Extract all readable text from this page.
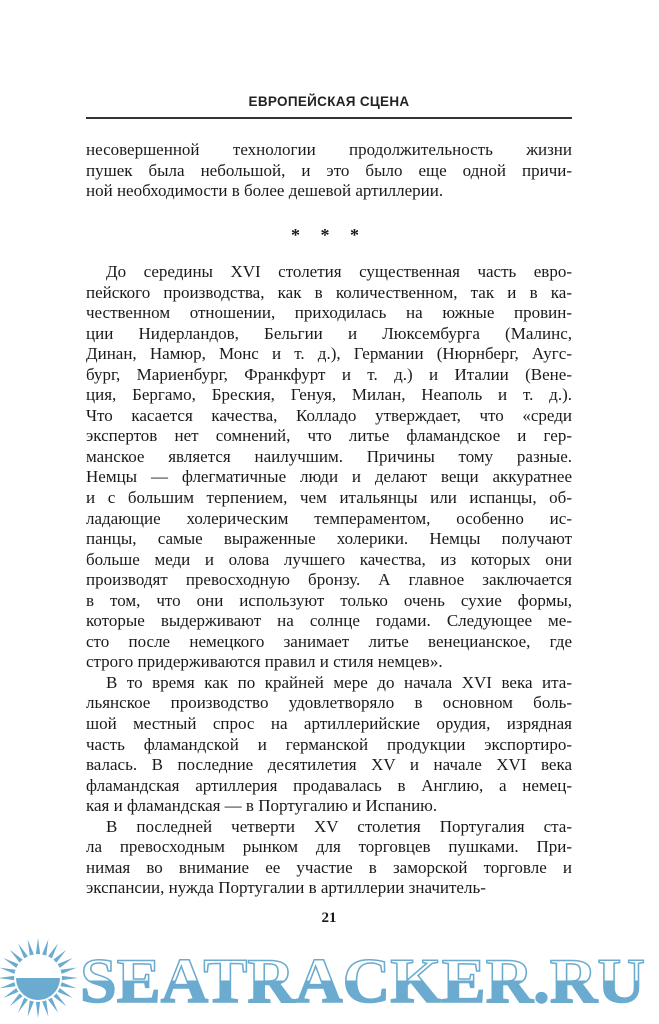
ЕВРОПЕЙСКАЯ СЦЕНА
несовершенной технологии продолжительность жизни
пушек была небольшой, и это было еще одной причи-
ной необходимости в более дешевой артиллерии.
* * *
До середины XVI столетия существенная часть евро-
пейского производства, как в количественном, так и в ка-
чественном отношении, приходилась на южные провин-
ции Нидерландов, Бельгии и Люксембурга (Малинс,
Динан, Намюр, Монс и т. д.), Германии (Нюрнберг, Аугс-
бург, Мариенбург, Франкфурт и т. д.) и Италии (Вене-
ция, Бергамо, Бреския, Генуя, Милан, Неаполь и т. д.).
Что касается качества, Колладо утверждает, что «среди
экспертов нет сомнений, что литье фламандское и гер-
манское является наилучшим. Причины тому разные.
Немцы — флегматичные люди и делают вещи аккуратнее
и с большим терпением, чем итальянцы или испанцы, об-
ладающие холерическим темпераментом, особенно ис-
панцы, самые выраженные холерики. Немцы получают
больше меди и олова лучшего качества, из которых они
производят превосходную бронзу. А главное заключается
в том, что они используют только очень сухие формы,
которые выдерживают на солнце годами. Следующее ме-
сто после немецкого занимает литье венецианское, где
строго придерживаются правил и стиля немцев».
В то время как по крайней мере до начала XVI века ита-
льянское производство удовлетворяло в основном боль-
шой местный спрос на артиллерийские орудия, изрядная
часть фламандской и германской продукции экспортиро-
валась. В последние десятилетия XV и начале XVI века
фламандская артиллерия продавалась в Англию, а немец-
кая и фламандская — в Португалию и Испанию.
В последней четверти XV столетия Португалия ста-
ла превосходным рынком для торговцев пушками. При-
нимая во внимание ее участие в заморской торговле и
экспансии, нужда Португалии в артиллерии значитель-
21
SEATRACKER.RU
